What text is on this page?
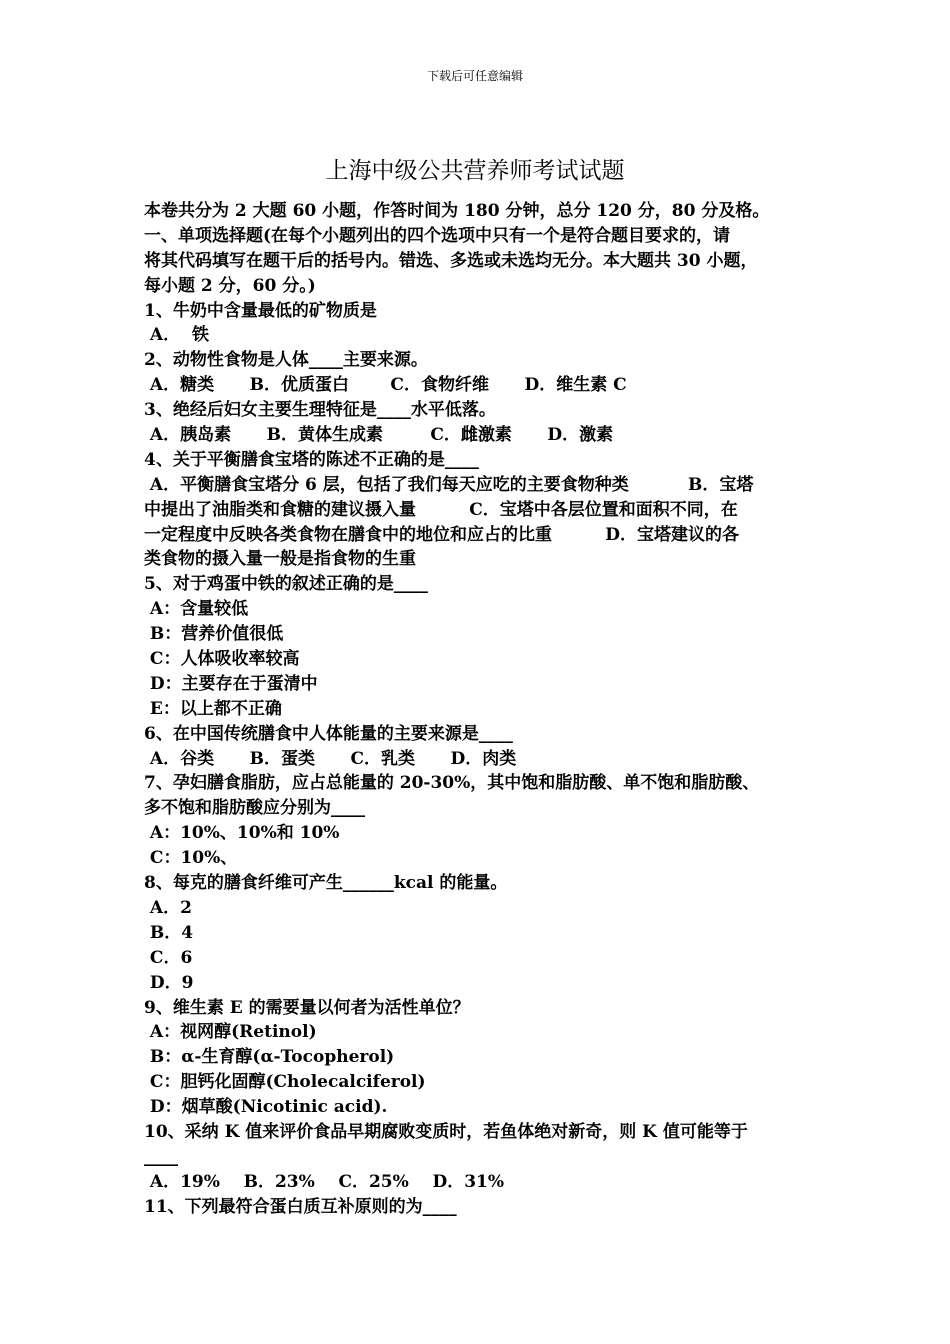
下载后可任意编辑
上海中级公共营养师考试试题
本卷共分为 2 大题 60 小题，作答时间为 180 分钟，总分 120 分，80 分及格。
一、单项选择题(在每个小题列出的四个选项中只有一个是符合题目要求的，请
将其代码填写在题干后的括号内。错选、多选或未选均无分。本大题共 30 小题，
每小题 2 分，60 分。)
1、牛奶中含量最低的矿物质是
A．  铁
2、动物性食物是人体____主要来源。
A．糖类      B．优质蛋白       C．食物纤维      D．维生素 C
3、绝经后妇女主要生理特征是____水平低落。
A．胰岛素      B．黄体生成素        C．雌激素      D．激素
4、关于平衡膳食宝塔的陈述不正确的是____
A．平衡膳食宝塔分 6 层，包括了我们每天应吃的主要食物种类          B．宝塔
中提出了油脂类和食糖的建议摄入量         C．宝塔中各层位置和面积不同，在
一定程度中反映各类食物在膳食中的地位和应占的比重         D．宝塔建议的各
类食物的摄入量一般是指食物的生重
5、对于鸡蛋中铁的叙述正确的是____
A：含量较低
B：营养价值很低
C：人体吸收率较高
D：主要存在于蛋清中
E：以上都不正确
6、在中国传统膳食中人体能量的主要来源是____
A．谷类      B．蛋类      C．乳类      D．肉类
7、孕妇膳食脂肪，应占总能量的 20-30%，其中饱和脂肪酸、单不饱和脂肪酸、
多不饱和脂肪酸应分别为____
A：10%、10%和 10%
C：10%、
8、每克的膳食纤维可产生______kcal 的能量。
A．2
B．4
C．6
D．9
9、维生素 E 的需要量以何者为活性单位？
A：视网醇(Retinol)
B：α-生育醇(α-Tocopherol)
C：胆钙化固醇(Cholecalciferol)
D：烟草酸(Nicotinic acid).
10、采纳 K 值来评价食品早期腐败变质时，若鱼体绝对新奇，则 K 值可能等于
____
A．19%    B．23%    C．25%    D．31%
11、下列最符合蛋白质互补原则的为____
